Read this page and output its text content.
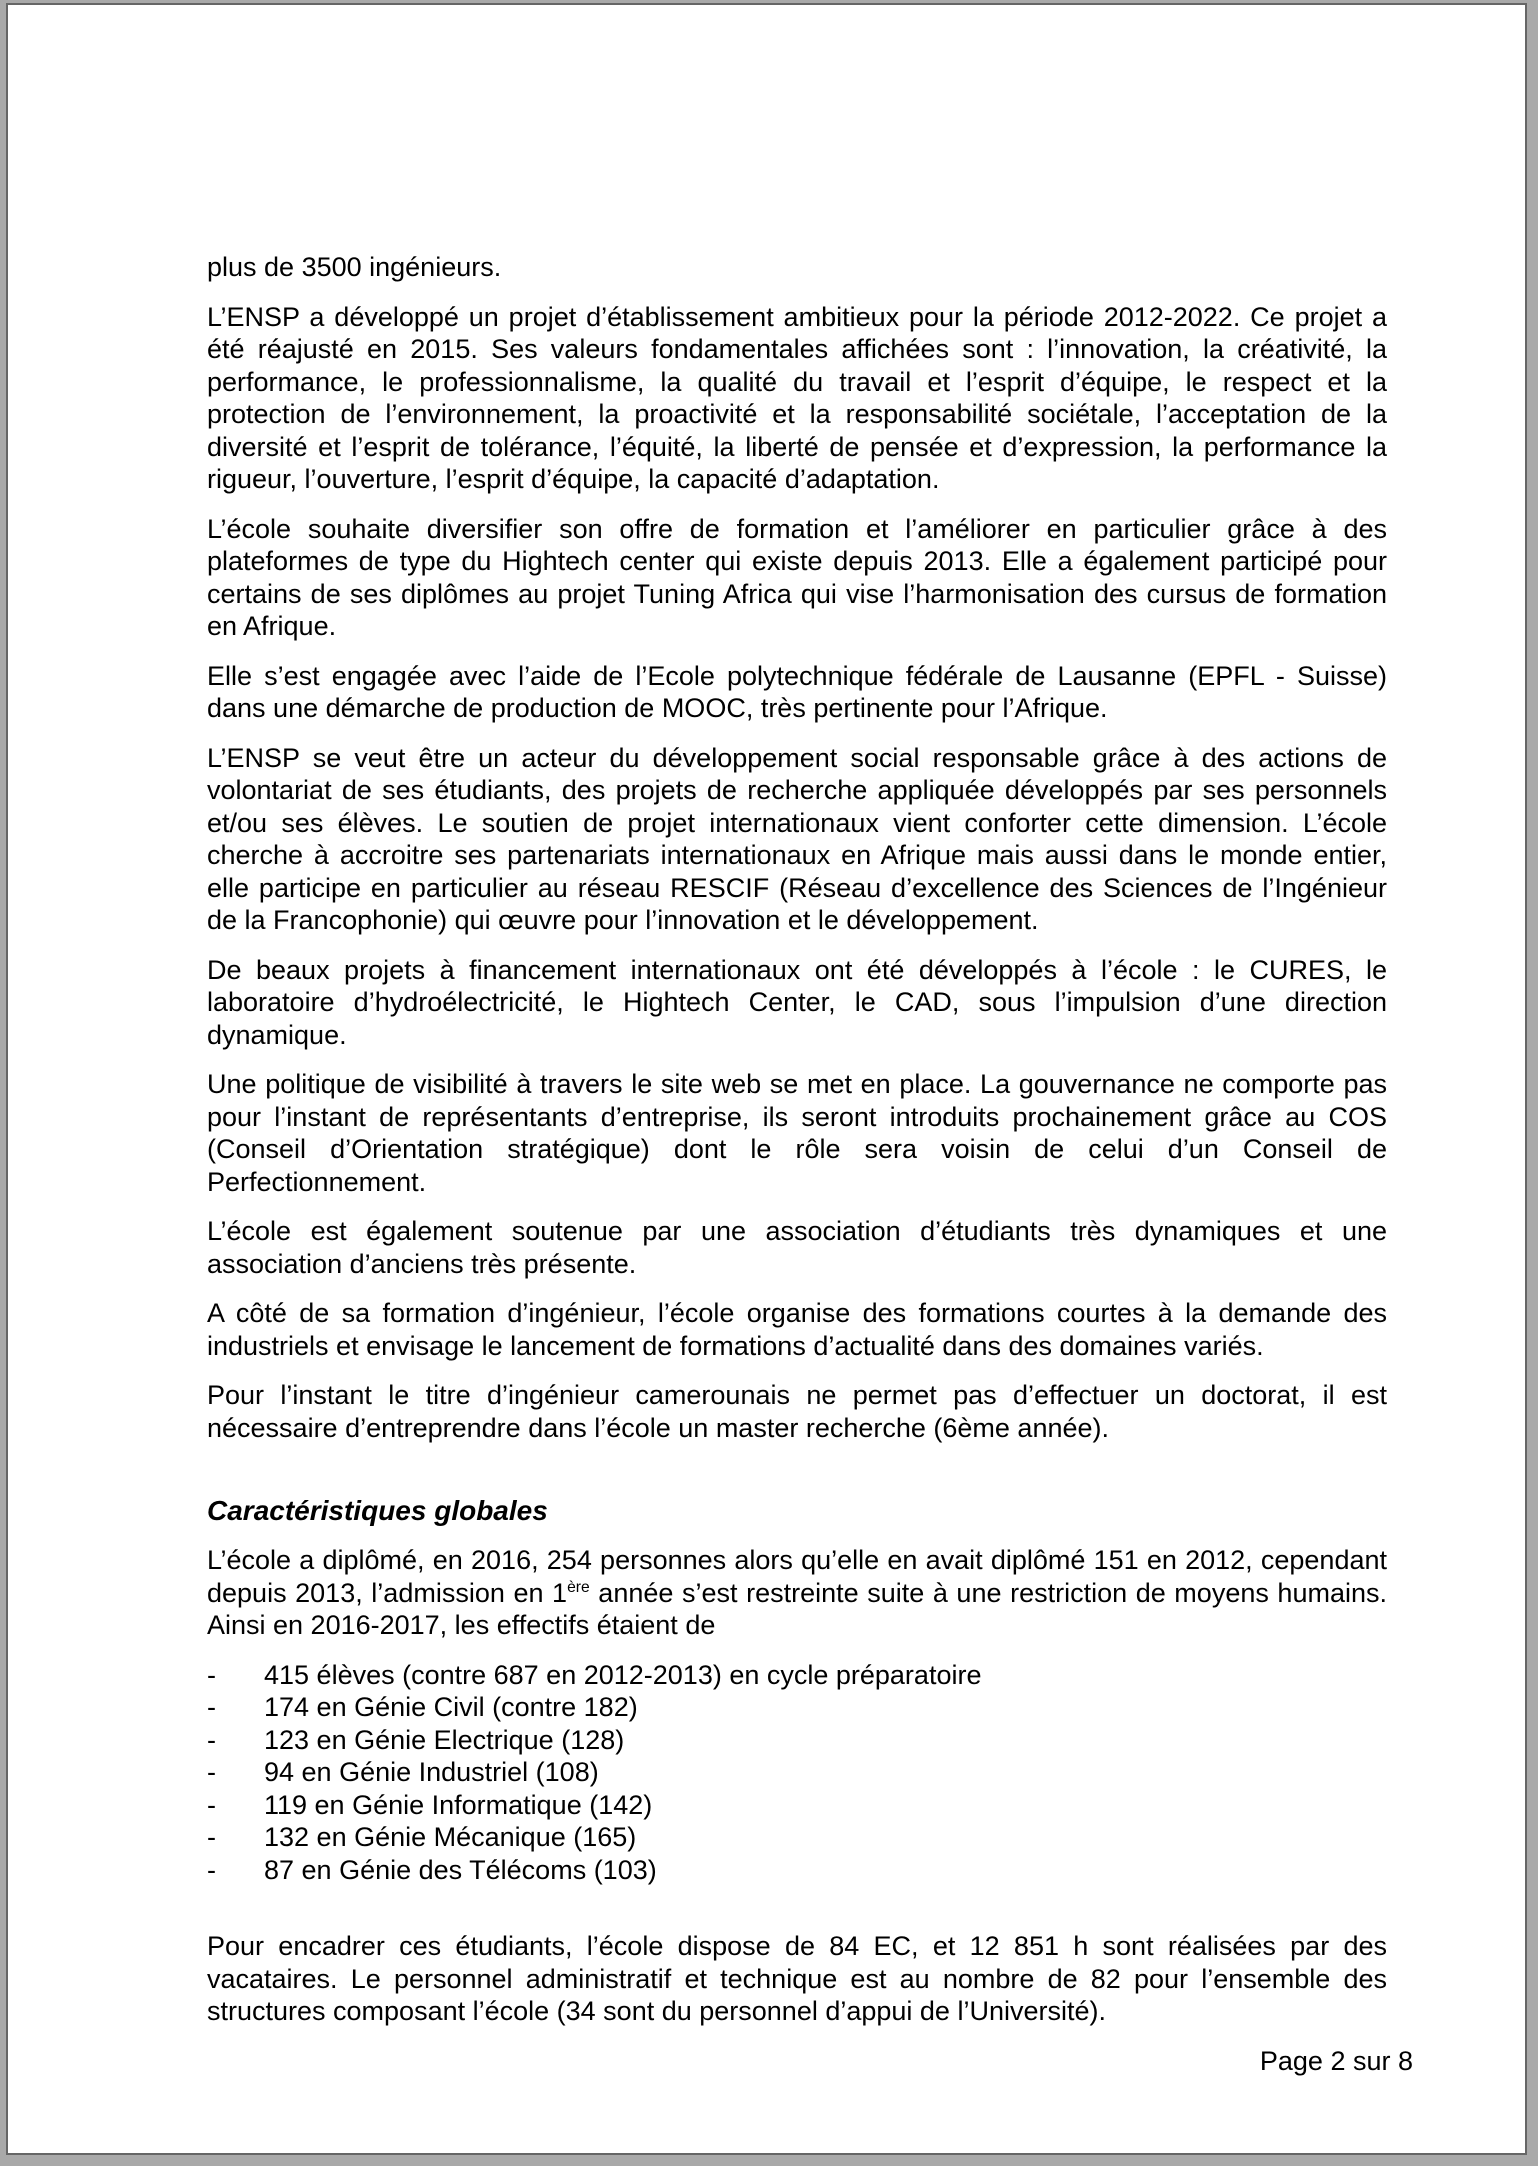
plus de 3500 ingénieurs.

L’ENSP a développé un projet d’établissement ambitieux pour la période 2012-2022. Ce projet a été réajusté en 2015. Ses valeurs fondamentales affichées sont : l’innovation, la créativité, la performance, le professionnalisme, la qualité du travail et l’esprit d’équipe, le respect et la protection de l’environnement, la proactivité et la responsabilité sociétale, l’acceptation de la diversité et l’esprit de tolérance, l’équité, la liberté de pensée et d’expression, la performance la rigueur, l’ouverture, l’esprit d’équipe, la capacité d’adaptation.

L’école souhaite diversifier son offre de formation et l’améliorer en particulier grâce à des plateformes de type du Hightech center qui existe depuis 2013. Elle a également participé pour certains de ses diplômes au projet Tuning Africa qui vise l’harmonisation des cursus de formation en Afrique.

Elle s’est engagée avec l’aide de l’Ecole polytechnique fédérale de Lausanne (EPFL - Suisse) dans une démarche de production de MOOC, très pertinente pour l’Afrique.

L’ENSP se veut être un acteur du développement social responsable grâce à des actions de volontariat de ses étudiants, des projets de recherche appliquée développés par ses personnels et/ou ses élèves. Le soutien de projet internationaux vient conforter cette dimension. L’école cherche à accroitre ses partenariats internationaux en Afrique mais aussi dans le monde entier, elle participe en particulier au réseau RESCIF (Réseau d’excellence des Sciences de l’Ingénieur de la Francophonie) qui œuvre pour l’innovation et le développement.

De beaux projets à financement internationaux ont été développés à l’école : le CURES, le laboratoire d’hydroélectricité, le Hightech Center, le CAD, sous l’impulsion d’une direction dynamique.

Une politique de visibilité à travers le site web se met en place. La gouvernance ne comporte pas pour l’instant de représentants d’entreprise, ils seront introduits prochainement grâce au COS (Conseil d’Orientation stratégique) dont le rôle sera voisin de celui d’un Conseil de Perfectionnement.

L’école est également soutenue par une association d’étudiants très dynamiques et une association d’anciens très présente.

A côté de sa formation d’ingénieur, l’école organise des formations courtes à la demande des industriels et envisage le lancement de formations d’actualité dans des domaines variés.

Pour l’instant le titre d’ingénieur camerounais ne permet pas d’effectuer un doctorat, il est nécessaire d’entreprendre dans l’école un master recherche (6ème année).

Caractéristiques globales

L’école a diplômé, en 2016, 254 personnes alors qu’elle en avait diplômé 151 en 2012, cependant depuis 2013, l’admission en 1ère année s’est restreinte suite à une restriction de moyens humains. Ainsi en 2016-2017, les effectifs étaient de

-	415 élèves (contre 687 en 2012-2013) en cycle préparatoire
-	174 en Génie Civil (contre 182)
-	123 en Génie Electrique (128)
-	94 en Génie Industriel (108)
-	119 en Génie Informatique (142)
-	132 en Génie Mécanique (165)
-	87 en Génie des Télécoms (103)

Pour encadrer ces étudiants, l’école dispose de 84 EC, et 12 851 h sont réalisées par des vacataires. Le personnel administratif et technique est au nombre de 82 pour l’ensemble des structures composant l’école (34 sont du personnel d’appui de l’Université).

Page 2 sur 8
